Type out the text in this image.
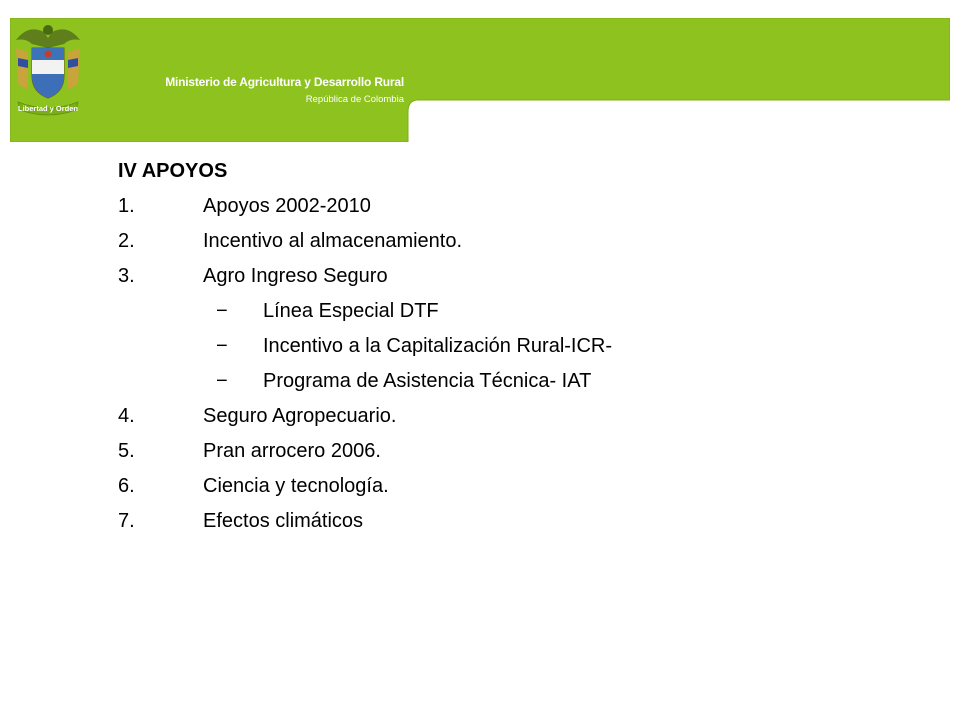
Libertad y Orden
Ministerio de Agricultura y Desarrollo Rural
República de Colombia
IV APOYOS
1.	Apoyos 2002-2010
2.	Incentivo al almacenamiento.
3.	Agro Ingreso Seguro
− Línea Especial DTF
− Incentivo a la Capitalización Rural-ICR-
− Programa de Asistencia Técnica- IAT
4.	Seguro Agropecuario.
5.	Pran arrocero 2006.
6.	Ciencia y tecnología.
7.	Efectos climáticos
